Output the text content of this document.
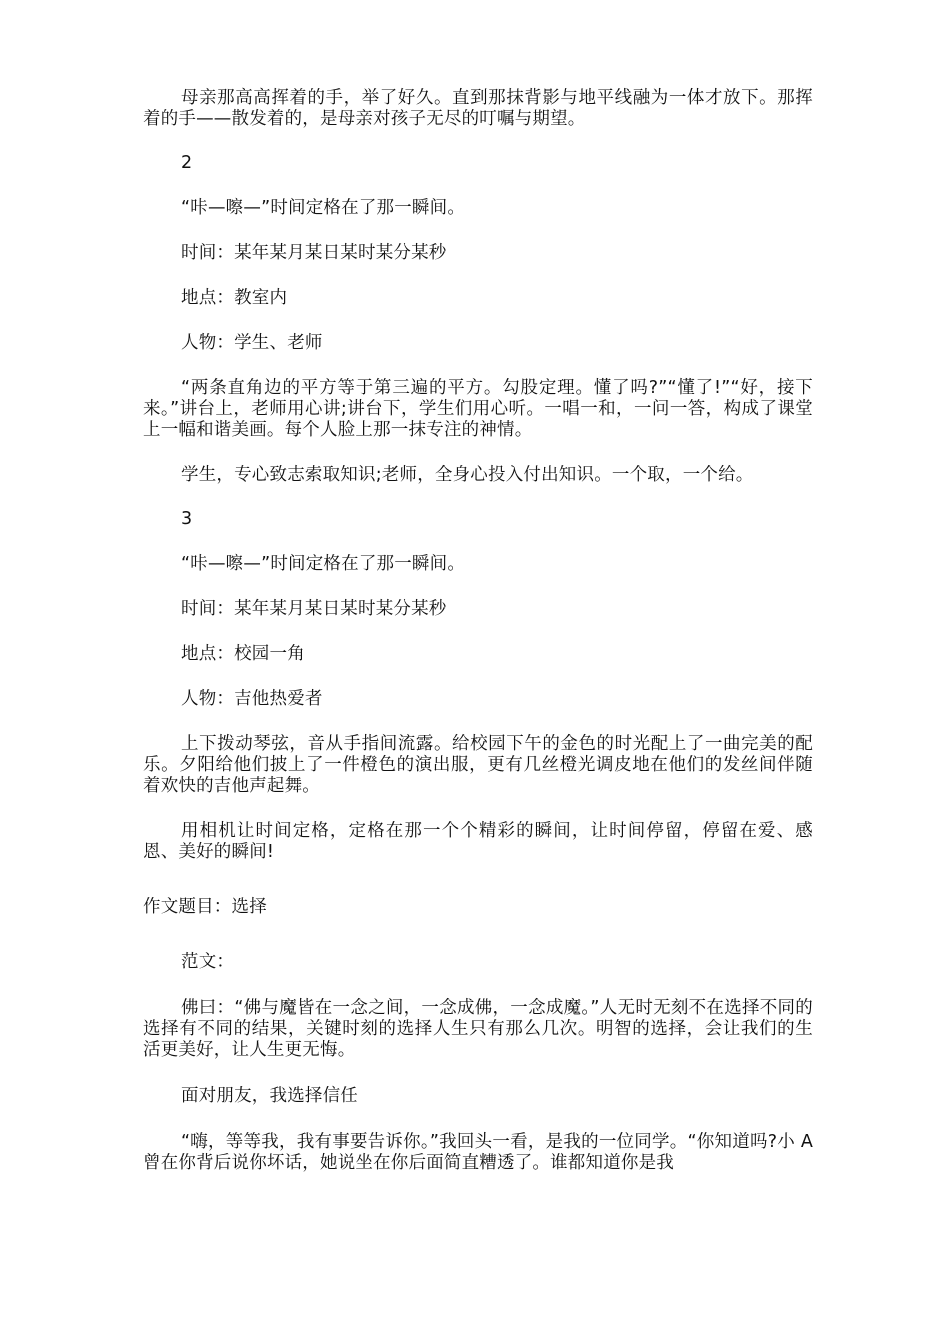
母亲那高高挥着的手，举了好久。直到那抹背影与地平线融为一体才放下。那挥着的手——散发着的，是母亲对孩子无尽的叮嘱与期望。

2

“咔—嚓—”时间定格在了那一瞬间。

时间：某年某月某日某时某分某秒

地点：教室内

人物：学生、老师

“两条直角边的平方等于第三遍的平方。勾股定理。懂了吗?”“懂了!”“好，接下来。”讲台上，老师用心讲;讲台下，学生们用心听。一唱一和，一问一答，构成了课堂上一幅和谐美画。每个人脸上那一抹专注的神情。

学生，专心致志索取知识;老师，全身心投入付出知识。一个取，一个给。

3

“咔—嚓—”时间定格在了那一瞬间。

时间：某年某月某日某时某分某秒

地点：校园一角

人物：吉他热爱者

上下拨动琴弦，音从手指间流露。给校园下午的金色的时光配上了一曲完美的配乐。夕阳给他们披上了一件橙色的演出服，更有几丝橙光调皮地在他们的发丝间伴随着欢快的吉他声起舞。

用相机让时间定格，定格在那一个个精彩的瞬间，让时间停留，停留在爱、感恩、美好的瞬间!

作文题目：选择

范文：

佛曰：“佛与魔皆在一念之间，一念成佛，一念成魔。”人无时无刻不在选择不同的选择有不同的结果，关键时刻的选择人生只有那么几次。明智的选择，会让我们的生活更美好，让人生更无悔。

面对朋友，我选择信任

“嗨，等等我，我有事要告诉你。”我回头一看，是我的一位同学。“你知道吗?小 A 曾在你背后说你坏话，她说坐在你后面简直糟透了。谁都知道你是我
